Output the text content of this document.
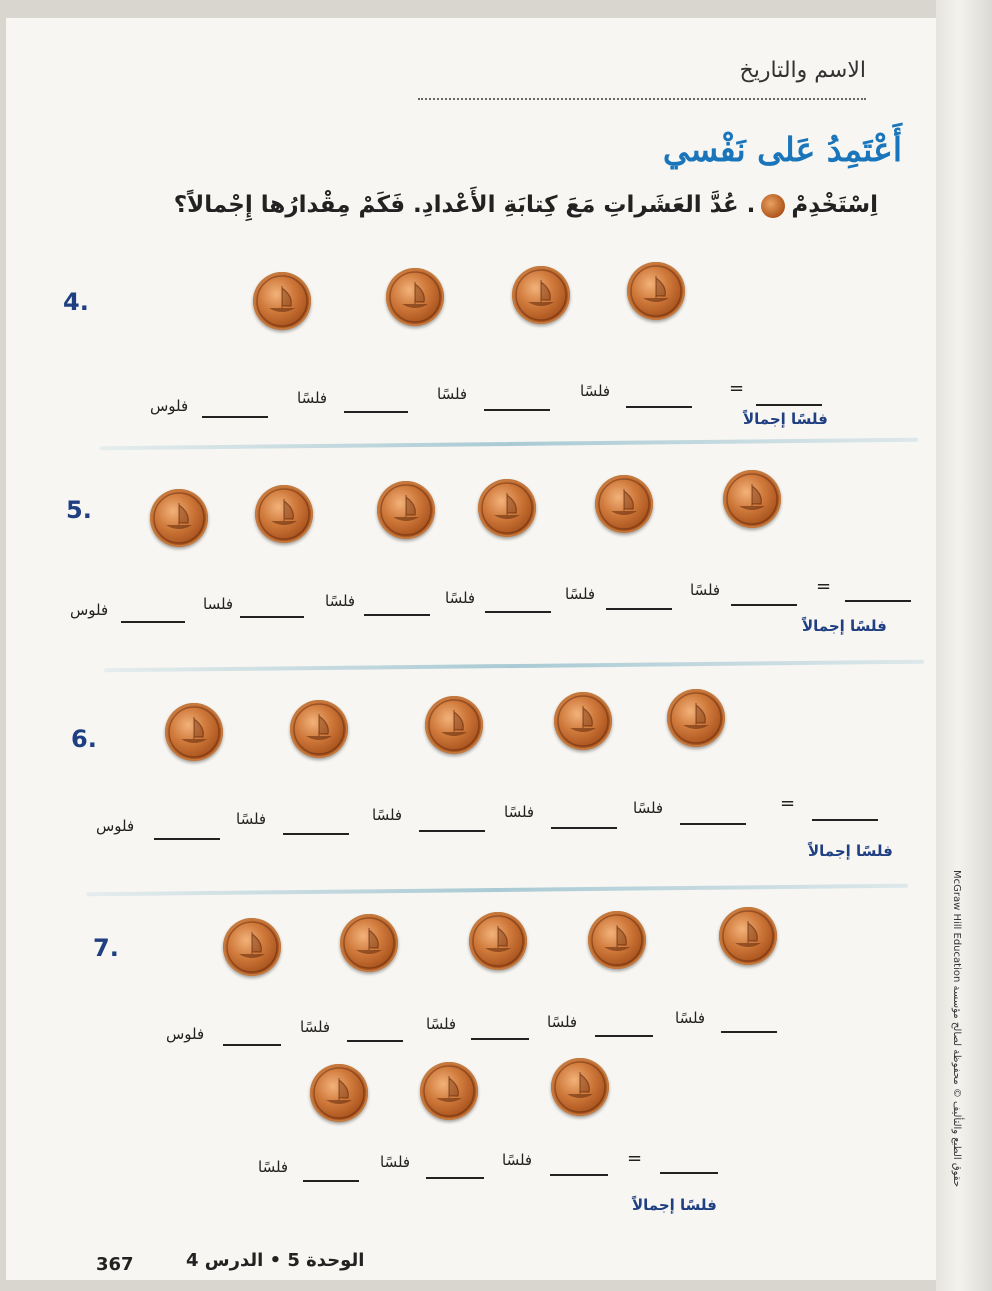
الاسم والتاريخ
أَعْتَمِدُ عَلى نَفْسي
اِسْتَخْدِمْ. عُدَّ العَشَراتِ مَعَ كِتابَةِ الأَعْدادِ. فَكَمْ مِقْدارُها إِجْمالاً؟
4.
فلوس	فلسًا	فلسًا	فلسًا	=
فلسًا إجمالاً
5.
فلوس	فلسا	فلسًا	فلسًا	فلسًا	فلسًا	=
فلسًا إجمالاً
6.
فلوس	فلسًا	فلسًا	فلسًا	فلسًا	=
فلسًا إجمالاً
7.
فلوس	فلسًا	فلسًا	فلسًا	فلسًا
فلسًا	فلسًا	فلسًا	=
فلسًا إجمالاً
367	الوحدة 5 • الدرس 4
McGraw Hill Education حقوق الطبع والتأليف © محفوظة لصالح مؤسسة
